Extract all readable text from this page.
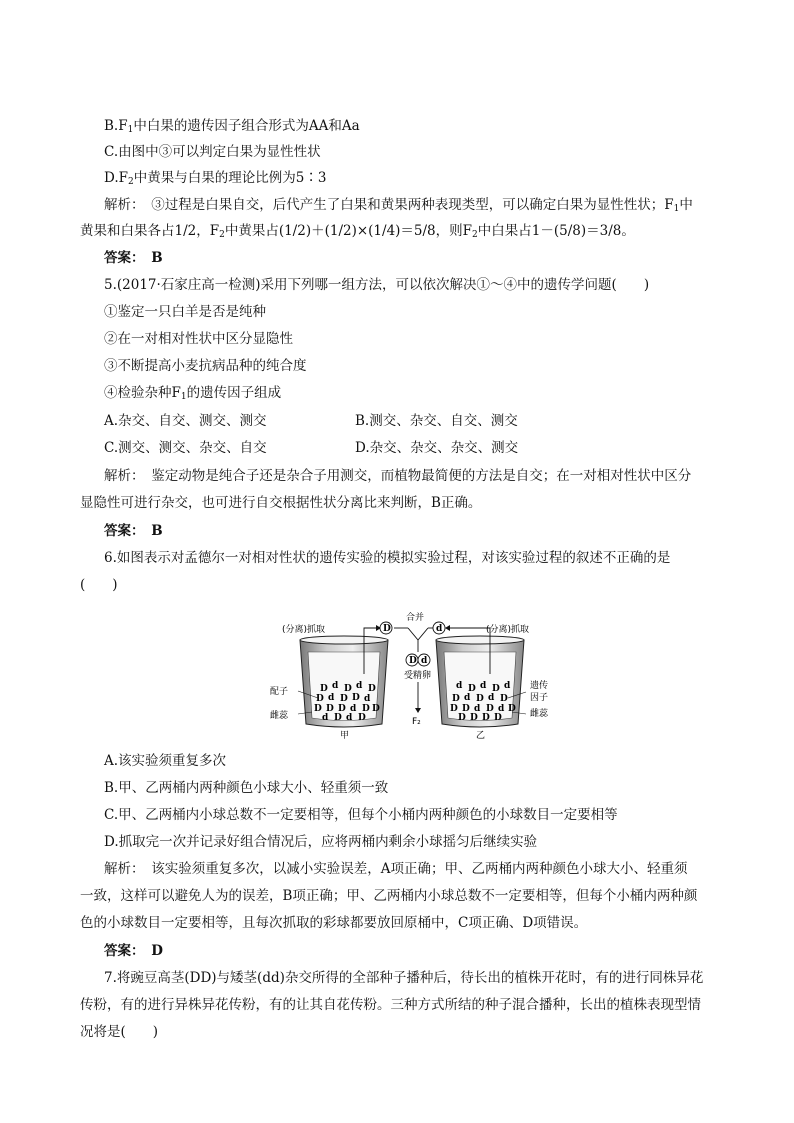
$B.F_1$中白果的遗传因子组合形式为AA和Aa
C.由图中③可以判定白果为显性性状
$D.F_2$中黄果与白果的理论比例为5∶3
解析：　③过程是白果自交，后代产生了白果和黄果两种表现类型，可以确定白果为显性性状；$F_1$中
黄果和白果各占1/2，$F_2$中黄果占(1/2)＋(1/2)×(1/4)＝5/8，则$F_2$中白果占1－(5/8)＝3/8。
答案：　B
5.(2017·石家庄高一检测)采用下列哪一组方法，可以依次解决①～④中的遗传学问题(　　)
①鉴定一只白羊是否是纯种
②在一对相对性状中区分显隐性
③不断提高小麦抗病品种的纯合度
④检验杂种$F_1$的遗传因子组成
A.杂交、自交、测交、测交	B.测交、杂交、自交、测交
C.测交、测交、杂交、自交	D.杂交、杂交、杂交、测交
解析：　鉴定动物是纯合子还是杂合子用测交，而植物最简便的方法是自交；在一对相对性状中区分
显隐性可进行杂交，也可进行自交根据性状分离比来判断，B正确。
答案：　B
6.如图表示对孟德尔一对相对性状的遗传实验的模拟实验过程，对该实验过程的叙述不正确的是
(　　)
D d D d D
D d D D d
D D D d D D
d D d D
d D d D d
D d D d D
D D d D d D
D D D D
(分离)抓取	(分离)抓取
合并
D	d
D d
受精卵
F₂
配子
雌蕊
遗传
因子
雌蕊
甲	乙
A.该实验须重复多次
B.甲、乙两桶内两种颜色小球大小、轻重须一致
C.甲、乙两桶内小球总数不一定要相等，但每个小桶内两种颜色的小球数目一定要相等
D.抓取完一次并记录好组合情况后，应将两桶内剩余小球摇匀后继续实验
解析：　该实验须重复多次，以减小实验误差，A项正确；甲、乙两桶内两种颜色小球大小、轻重须
一致，这样可以避免人为的误差，B项正确；甲、乙两桶内小球总数不一定要相等，但每个小桶内两种颜
色的小球数目一定要相等，且每次抓取的彩球都要放回原桶中，C项正确、D项错误。
答案：　D
7.将豌豆高茎(DD)与矮茎(dd)杂交所得的全部种子播种后，待长出的植株开花时，有的进行同株异花
传粉，有的进行异株异花传粉，有的让其自花传粉。三种方式所结的种子混合播种，长出的植株表现型情
况将是(　　)
